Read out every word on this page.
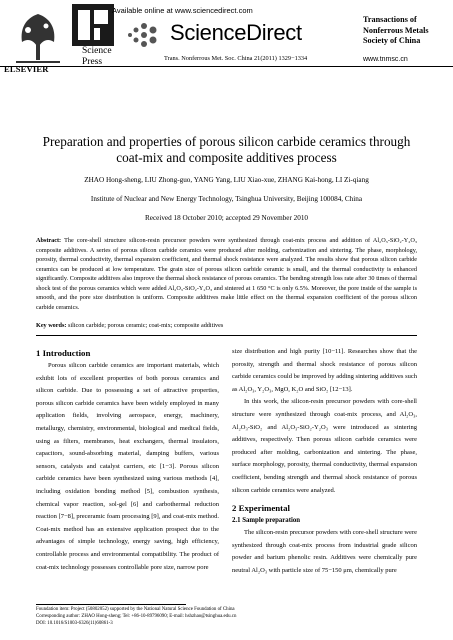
ELSEVIER
Science
Press
Available online at www.sciencedirect.com
ScienceDirect
Trans. Nonferrous Met. Soc. China 21(2011) 1329−1334
Transactions of
Nonferrous Metals
Society of China
www.tnmsc.cn
Preparation and properties of porous silicon carbide ceramics through
coat-mix and composite additives process
ZHAO Hong-sheng, LIU Zhong-guo, YANG Yang, LIU Xiao-xue, ZHANG Kai-hong, LI Zi-qiang
Institute of Nuclear and New Energy Technology, Tsinghua University, Beijing 100084, China
Received 18 October 2010; accepted 29 November 2010
Abstract: The core-shell structure silicon-resin precursor powders were synthesized through coat-mix process and addition of Al₂O₃-SiO₂-Y₂O₃ composite additives. A series of porous silicon carbide ceramics were produced after molding, carbonization and sintering. The phase, morphology, porosity, thermal conductivity, thermal expansion coefficient, and thermal shock resistance were analyzed. The results show that porous silicon carbide ceramics can be produced at low temperature. The grain size of porous silicon carbide ceramic is small, and the thermal conductivity is enhanced significantly. Composite additives also improve the thermal shock resistance of porous ceramics. The bending strength loss rate after 30 times of thermal shock test of the porous ceramics which were added Al₂O₃-SiO₂-Y₂O₃ and sintered at 1 650 °C is only 6.5%. Moreover, the pore inside of the sample is smooth, and the pore size distribution is uniform. Composite additives make little effect on the thermal expansion coefficient of the porous silicon carbide ceramics.
Key words: silicon carbide; porous ceramic; coat-mix; composite additives
1 Introduction

Porous silicon carbide ceramics are important materials, which exhibit lots of excellent properties of both porous ceramics and silicon carbide. Due to possessing a set of attractive properties, porous silicon carbide ceramics have been widely employed in many application fields, involving aerospace, energy, machinery, metallurgy, chemistry, environmental, biological and medical fields, using as filters, membranes, heat exchangers, thermal insulators, capacitors, sound-absorbing material, damping buffers, various sensors, catalysts and catalyst carriers, etc [1−3]. Porous silicon carbide ceramics have been synthesized using various methods [4], including oxidation bonding method [5], combustion synthesis, chemical vapor reaction, sol-gel [6] and carbothermal reduction reaction [7−8], preceramic foam processing [9], and coat-mix method. Coat-mix method has an extensive application prospect due to the advantages of simple technology, energy saving, high efficiency, controllable process and environmental compatibility. The product of coat-mix technology possesses controllable pore size, narrow pore

size distribution and high purity [10−11]. Researches show that the porosity, strength and thermal shock resistance of porous silicon carbide ceramics could be improved by adding sintering additives such as Al₂O₃, Y₂O₃, MgO, K₂O and SiO₂ [12−13].

In this work, the silicon-resin precursor powders with core-shell structure were synthesized through coat-mix process, and Al₂O₃, Al₂O₃-SiO₂ and Al₂O₃-SiO₂-Y₂O₃ were introduced as sintering additives, respectively. Then porous silicon carbide ceramics were produced after molding, carbonization and sintering. The phase, surface morphology, porosity, thermal conductivity, thermal expansion coefficient, bending strength and thermal shock resistance of porous silicon carbide ceramics were analyzed.

2 Experimental
2.1 Sample preparation

The silicon-resin precursor powders with core-shell structure were synthesized through coat-mix process from industrial grade silicon powder and barium phenolic resin. Additives were chemically pure neutral Al₂O₃ with particle size of 75−150 μm, chemically pure

Foundation item: Project (50802052) supported by the National Natural Science Foundation of China
Corresponding author: ZHAO Hong-sheng; Tel: +86-10-89796090; E-mail: hshzhao@tsinghua.edu.cn
DOI: 10.1016/S1003-6326(11)60861-3
